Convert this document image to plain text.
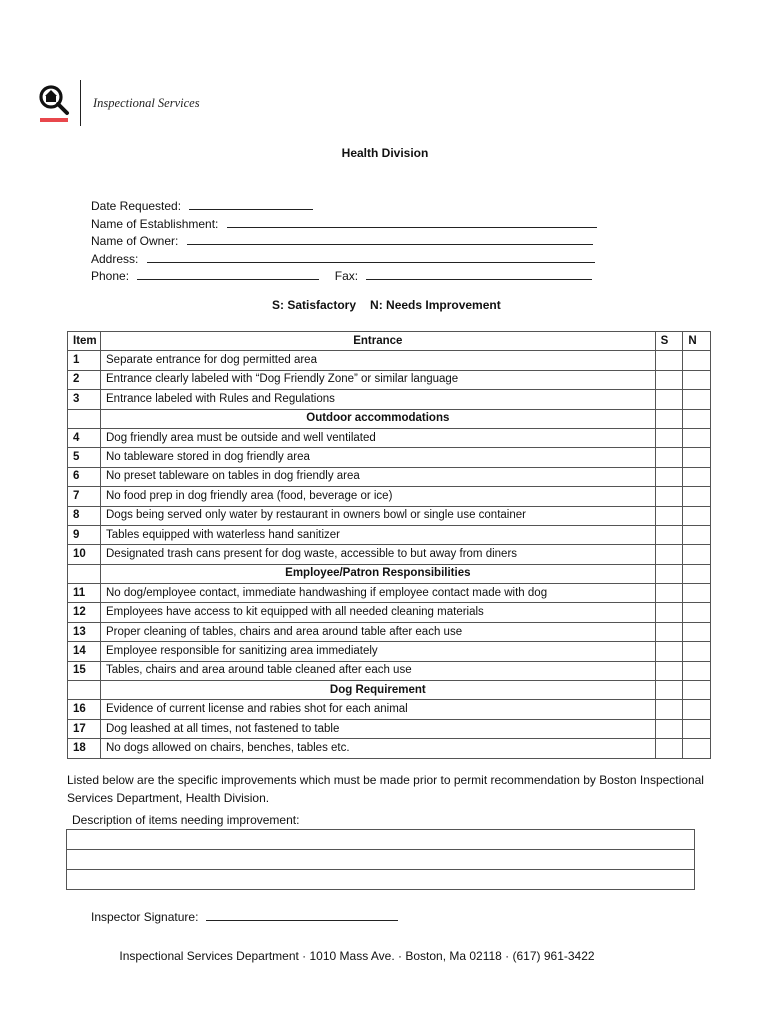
Inspectional Services
Health Division
Date Requested:
Name of Establishment:
Name of Owner:
Address:
Phone:	Fax:
S: Satisfactory N: Needs Improvement
Item	Entrance	S	N
1	Separate entrance for dog permitted area		
2	Entrance clearly labeled with “Dog Friendly Zone” or similar language		
3	Entrance labeled with Rules and Regulations		
	Outdoor accommodations		
4	Dog friendly area must be outside and well ventilated		
5	No tableware stored in dog friendly area		
6	No preset tableware on tables in dog friendly area		
7	No food prep in dog friendly area (food, beverage or ice)		
8	Dogs being served only water by restaurant in owners bowl or single use container		
9	Tables equipped with waterless hand sanitizer		
10	Designated trash cans present for dog waste, accessible to but away from diners		
	Employee/Patron Responsibilities		
11	No dog/employee contact, immediate handwashing if employee contact made with dog		
12	Employees have access to kit equipped with all needed cleaning materials		
13	Proper cleaning of tables, chairs and area around table after each use		
14	Employee responsible for sanitizing area immediately		
15	Tables, chairs and area around table cleaned after each use		
	Dog Requirement		
16	Evidence of current license and rabies shot for each animal		
17	Dog leashed at all times, not fastened to table		
18	No dogs allowed on chairs, benches, tables etc.		
Listed below are the specific improvements which must be made prior to permit recommendation by Boston Inspectional Services Department, Health Division.
Description of items needing improvement:

Inspector Signature:
Inspectional Services Department · 1010 Mass Ave. · Boston, Ma 02118 · (617) 961-3422
